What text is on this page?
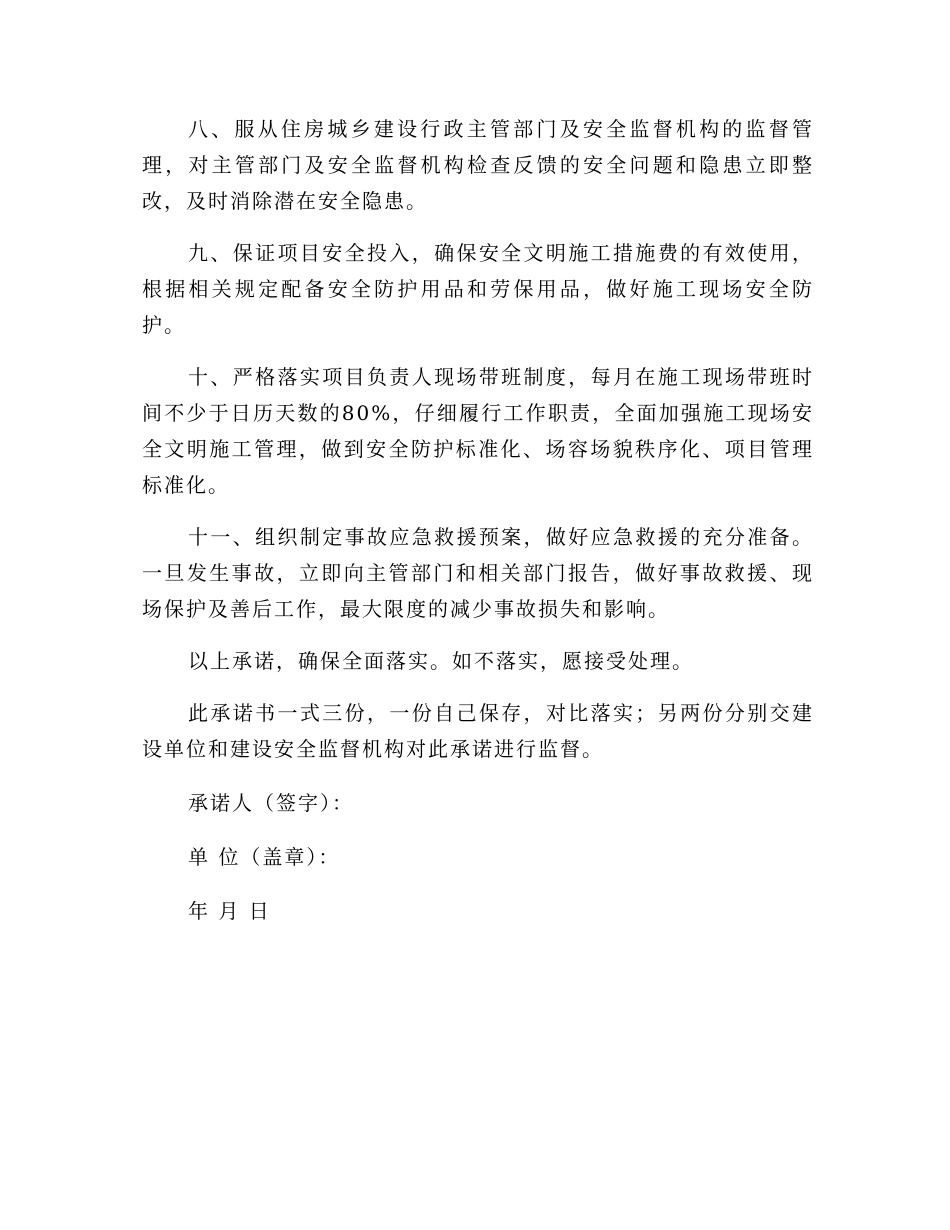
八、服从住房城乡建设行政主管部门及安全监督机构的监督管理，对主管部门及安全监督机构检查反馈的安全问题和隐患立即整改，及时消除潜在安全隐患。

九、保证项目安全投入，确保安全文明施工措施费的有效使用，根据相关规定配备安全防护用品和劳保用品，做好施工现场安全防护。

十、严格落实项目负责人现场带班制度，每月在施工现场带班时间不少于日历天数的80%，仔细履行工作职责，全面加强施工现场安全文明施工管理，做到安全防护标准化、场容场貌秩序化、项目管理标准化。

十一、组织制定事故应急救援预案，做好应急救援的充分准备。一旦发生事故，立即向主管部门和相关部门报告，做好事故救援、现场保护及善后工作，最大限度的减少事故损失和影响。

以上承诺，确保全面落实。如不落实，愿接受处理。

此承诺书一式三份，一份自己保存，对比落实；另两份分别交建设单位和建设安全监督机构对此承诺进行监督。

承诺人（签字）：

单 位（盖章）：

年 月 日
